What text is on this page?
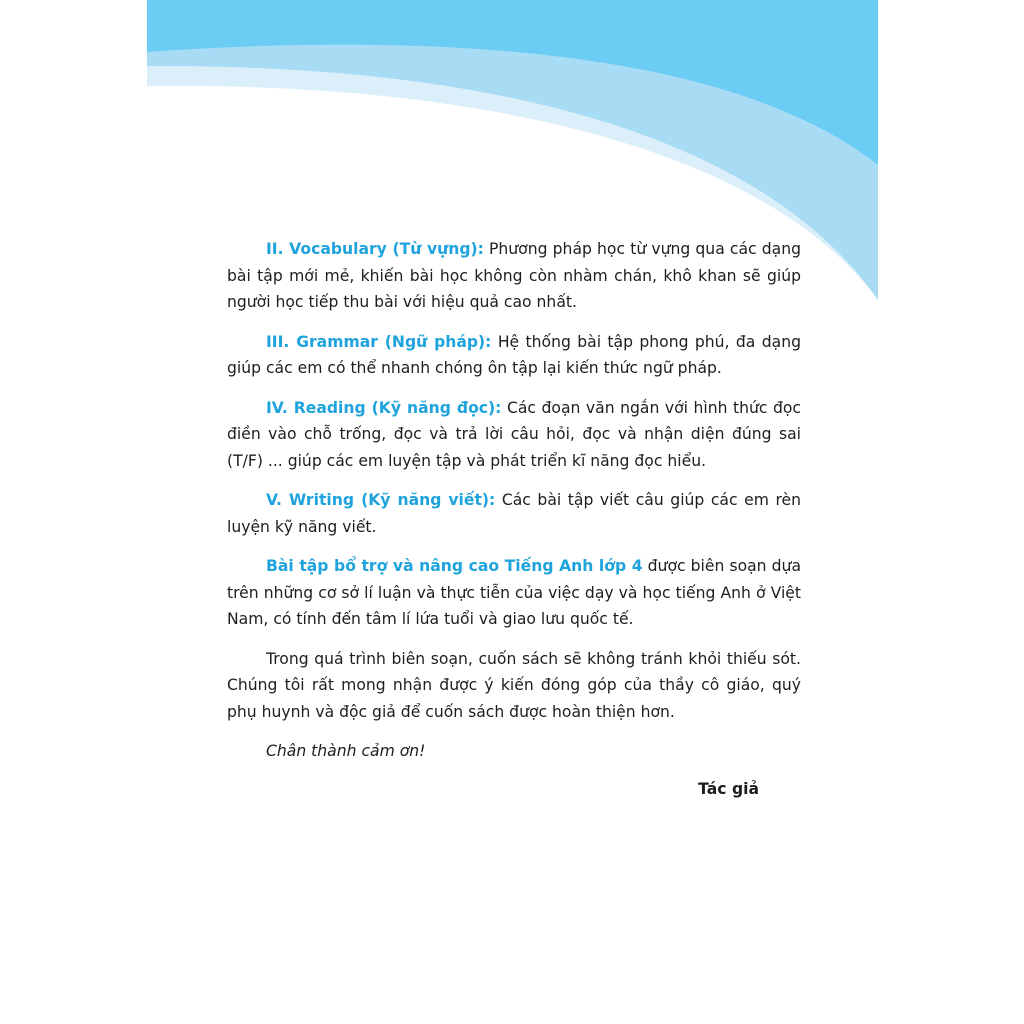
II. Vocabulary (Từ vựng): Phương pháp học từ vựng qua các dạng bài tập mới mẻ, khiến bài học không còn nhàm chán, khô khan sẽ giúp người học tiếp thu bài với hiệu quả cao nhất.

III. Grammar (Ngữ pháp): Hệ thống bài tập phong phú, đa dạng giúp các em có thể nhanh chóng ôn tập lại kiến thức ngữ pháp.

IV. Reading (Kỹ năng đọc): Các đoạn văn ngắn với hình thức đọc điền vào chỗ trống, đọc và trả lời câu hỏi, đọc và nhận diện đúng sai (T/F) ... giúp các em luyện tập và phát triển kĩ năng đọc hiểu.

V. Writing (Kỹ năng viết): Các bài tập viết câu giúp các em rèn luyện kỹ năng viết.

Bài tập bổ trợ và nâng cao Tiếng Anh lớp 4 được biên soạn dựa trên những cơ sở lí luận và thực tiễn của việc dạy và học tiếng Anh ở Việt Nam, có tính đến tâm lí lứa tuổi và giao lưu quốc tế.

Trong quá trình biên soạn, cuốn sách sẽ không tránh khỏi thiếu sót. Chúng tôi rất mong nhận được ý kiến đóng góp của thầy cô giáo, quý phụ huynh và độc giả để cuốn sách được hoàn thiện hơn.

Chân thành cảm ơn!

Tác giả
